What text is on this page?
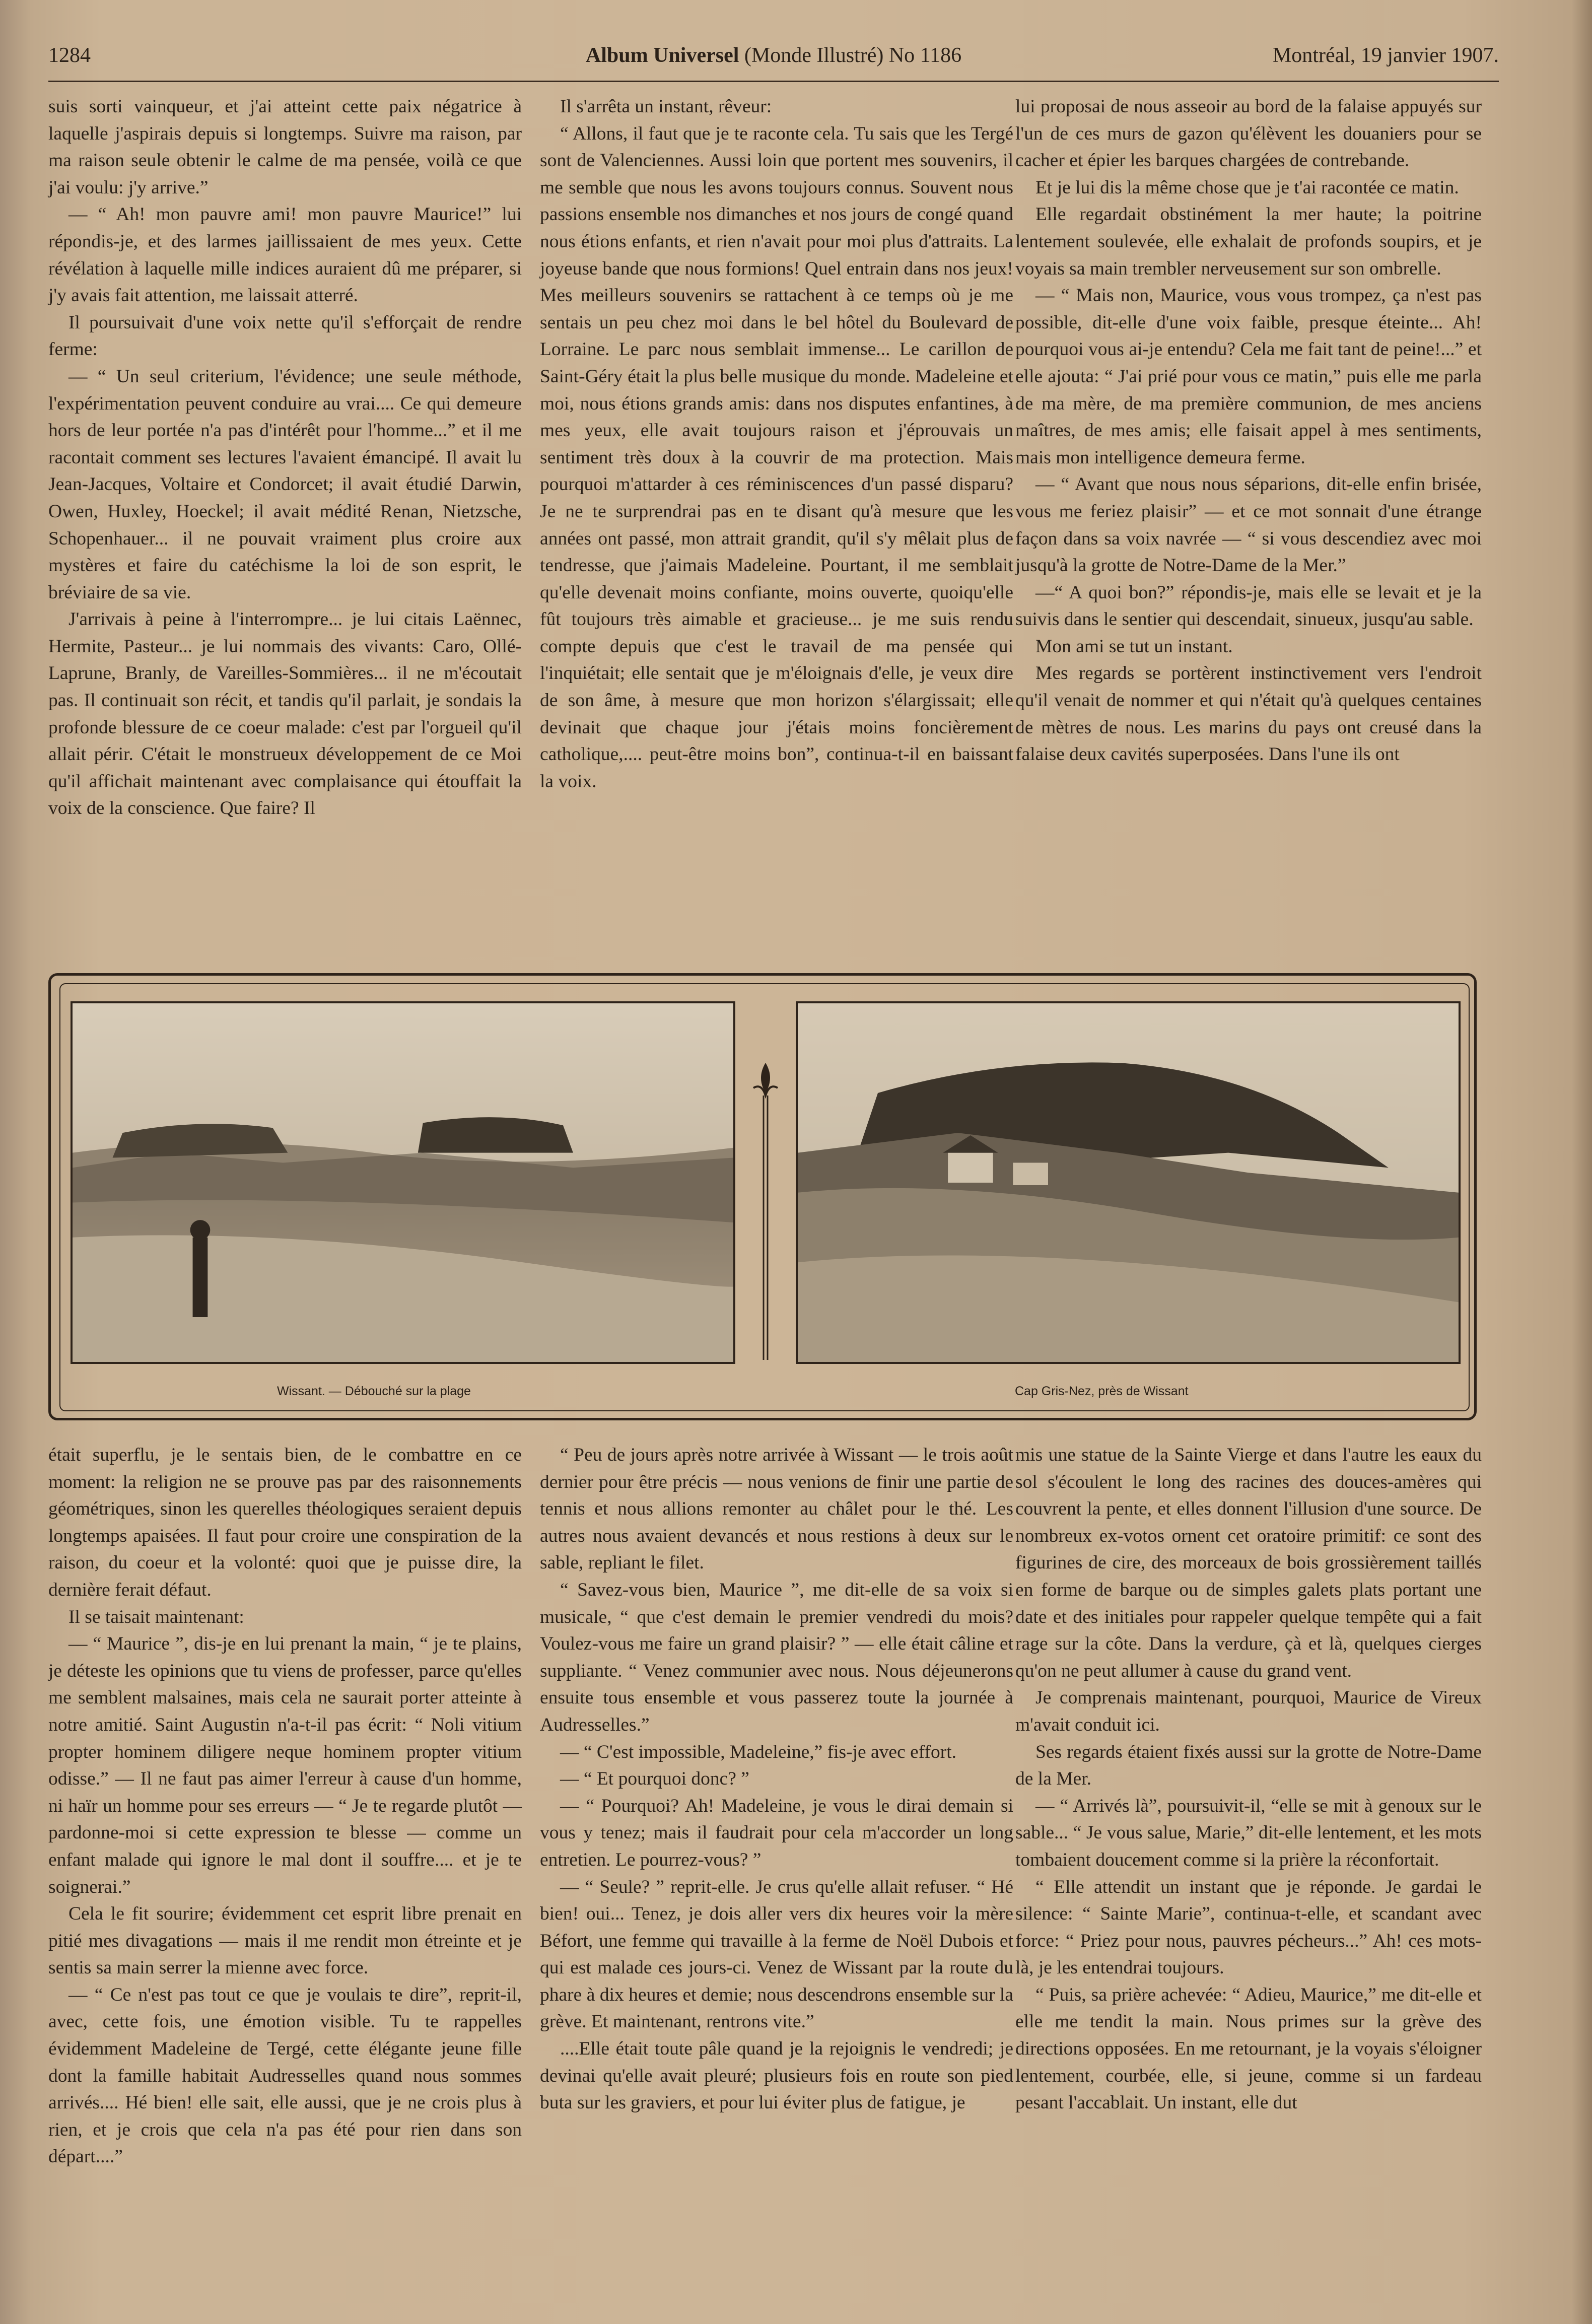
1284	Album Universel (Monde Illustré) No 1186	Montréal, 19 janvier 1907.

suis sorti vainqueur, et j'ai atteint cette paix négatrice à laquelle j'aspirais depuis si longtemps. Suivre ma raison, par ma raison seule obtenir le calme de ma pensée, voilà ce que j'ai voulu: j'y arrive.”

— “ Ah! mon pauvre ami! mon pauvre Maurice!” lui répondis-je, et des larmes jaillissaient de mes yeux. Cette révélation à laquelle mille indices auraient dû me préparer, si j'y avais fait attention, me laissait atterré.

Il poursuivait d'une voix nette qu'il s'efforçait de rendre ferme:

— “ Un seul criterium, l'évidence; une seule méthode, l'expérimentation peuvent conduire au vrai.... Ce qui demeure hors de leur portée n'a pas d'intérêt pour l'homme...” et il me racontait comment ses lectures l'avaient émancipé. Il avait lu Jean-Jacques, Voltaire et Condorcet; il avait étudié Darwin, Owen, Huxley, Hoeckel; il avait médité Renan, Nietzsche, Schopenhauer... il ne pouvait vraiment plus croire aux mystères et faire du catéchisme la loi de son esprit, le bréviaire de sa vie.

J'arrivais à peine à l'interrompre... je lui citais Laënnec, Hermite, Pasteur... je lui nommais des vivants: Caro, Ollé-Laprune, Branly, de Vareilles-Sommières... il ne m'écoutait pas. Il continuait son récit, et tandis qu'il parlait, je sondais la profonde blessure de ce coeur malade: c'est par l'orgueil qu'il allait périr. C'était le monstrueux développement de ce Moi qu'il affichait maintenant avec complaisance qui étouffait la voix de la conscience. Que faire? Il

Il s'arrêta un instant, rêveur:

“ Allons, il faut que je te raconte cela. Tu sais que les Tergé sont de Valenciennes. Aussi loin que portent mes souvenirs, il me semble que nous les avons toujours connus. Souvent nous passions ensemble nos dimanches et nos jours de congé quand nous étions enfants, et rien n'avait pour moi plus d'attraits. La joyeuse bande que nous formions! Quel entrain dans nos jeux! Mes meilleurs souvenirs se rattachent à ce temps où je me sentais un peu chez moi dans le bel hôtel du Boulevard de Lorraine. Le parc nous semblait immense... Le carillon de Saint-Géry était la plus belle musique du monde. Madeleine et moi, nous étions grands amis: dans nos disputes enfantines, à mes yeux, elle avait toujours raison et j'éprouvais un sentiment très doux à la couvrir de ma protection. Mais pourquoi m'attarder à ces réminiscences d'un passé disparu? Je ne te surprendrai pas en te disant qu'à mesure que les années ont passé, mon attrait grandit, qu'il s'y mêlait plus de tendresse, que j'aimais Madeleine. Pourtant, il me semblait qu'elle devenait moins confiante, moins ouverte, quoiqu'elle fût toujours très aimable et gracieuse... je me suis rendu compte depuis que c'est le travail de ma pensée qui l'inquiétait; elle sentait que je m'éloignais d'elle, je veux dire de son âme, à mesure que mon horizon s'élargissait; elle devinait que chaque jour j'étais moins foncièrement catholique,.... peut-être moins bon”, continua-t-il en baissant la voix.

lui proposai de nous asseoir au bord de la falaise appuyés sur l'un de ces murs de gazon qu'élèvent les douaniers pour se cacher et épier les barques chargées de contrebande.

Et je lui dis la même chose que je t'ai racontée ce matin.

Elle regardait obstinément la mer haute; la poitrine lentement soulevée, elle exhalait de profonds soupirs, et je voyais sa main trembler nerveusement sur son ombrelle.

— “ Mais non, Maurice, vous vous trompez, ça n'est pas possible, dit-elle d'une voix faible, presque éteinte... Ah! pourquoi vous ai-je entendu? Cela me fait tant de peine!...” et elle ajouta: “ J'ai prié pour vous ce matin,” puis elle me parla de ma mère, de ma première communion, de mes anciens maîtres, de mes amis; elle faisait appel à mes sentiments, mais mon intelligence demeura ferme.

— “ Avant que nous nous séparions, dit-elle enfin brisée, vous me feriez plaisir” — et ce mot sonnait d'une étrange façon dans sa voix navrée — “ si vous descendiez avec moi jusqu'à la grotte de Notre-Dame de la Mer.”

—“ A quoi bon?” répondis-je, mais elle se levait et je la suivis dans le sentier qui descendait, sinueux, jusqu'au sable.

Mon ami se tut un instant.

Mes regards se portèrent instinctivement vers l'endroit qu'il venait de nommer et qui n'était qu'à quelques centaines de mètres de nous. Les marins du pays ont creusé dans la falaise deux cavités superposées. Dans l'une ils ont

Wissant. — Débouché sur la plage	Cap Gris-Nez, près de Wissant

était superflu, je le sentais bien, de le combattre en ce moment: la religion ne se prouve pas par des raisonnements géométriques, sinon les querelles théologiques seraient depuis longtemps apaisées. Il faut pour croire une conspiration de la raison, du coeur et la volonté: quoi que je puisse dire, la dernière ferait défaut.

Il se taisait maintenant:

— “ Maurice ”, dis-je en lui prenant la main, “ je te plains, je déteste les opinions que tu viens de professer, parce qu'elles me semblent malsaines, mais cela ne saurait porter atteinte à notre amitié. Saint Augustin n'a-t-il pas écrit: “ Noli vitium propter hominem diligere neque hominem propter vitium odisse.” — Il ne faut pas aimer l'erreur à cause d'un homme, ni haïr un homme pour ses erreurs — “ Je te regarde plutôt — pardonne-moi si cette expression te blesse — comme un enfant malade qui ignore le mal dont il souffre.... et je te soignerai.”

Cela le fit sourire; évidemment cet esprit libre prenait en pitié mes divagations — mais il me rendit mon étreinte et je sentis sa main serrer la mienne avec force.

— “ Ce n'est pas tout ce que je voulais te dire”, reprit-il, avec, cette fois, une émotion visible. Tu te rappelles évidemment Madeleine de Tergé, cette élégante jeune fille dont la famille habitait Audresselles quand nous sommes arrivés.... Hé bien! elle sait, elle aussi, que je ne crois plus à rien, et je crois que cela n'a pas été pour rien dans son départ....”

“ Peu de jours après notre arrivée à Wissant — le trois août dernier pour être précis — nous venions de finir une partie de tennis et nous allions remonter au châlet pour le thé. Les autres nous avaient devancés et nous restions à deux sur le sable, repliant le filet.

“ Savez-vous bien, Maurice ”, me dit-elle de sa voix si musicale, “ que c'est demain le premier vendredi du mois? Voulez-vous me faire un grand plaisir? ” — elle était câline et suppliante. “ Venez communier avec nous. Nous déjeunerons ensuite tous ensemble et vous passerez toute la journée à Audresselles.”

— “ C'est impossible, Madeleine,” fis-je avec effort.

— “ Et pourquoi donc? ”

— “ Pourquoi? Ah! Madeleine, je vous le dirai demain si vous y tenez; mais il faudrait pour cela m'accorder un long entretien. Le pourrez-vous? ”

— “ Seule? ” reprit-elle. Je crus qu'elle allait refuser. “ Hé bien! oui... Tenez, je dois aller vers dix heures voir la mère Béfort, une femme qui travaille à la ferme de Noël Dubois et qui est malade ces jours-ci. Venez de Wissant par la route du phare à dix heures et demie; nous descendrons ensemble sur la grève. Et maintenant, rentrons vite.”

....Elle était toute pâle quand je la rejoignis le vendredi; je devinai qu'elle avait pleuré; plusieurs fois en route son pied buta sur les graviers, et pour lui éviter plus de fatigue, je

mis une statue de la Sainte Vierge et dans l'autre les eaux du sol s'écoulent le long des racines des douces-amères qui couvrent la pente, et elles donnent l'illusion d'une source. De nombreux ex-votos ornent cet oratoire primitif: ce sont des figurines de cire, des morceaux de bois grossièrement taillés en forme de barque ou de simples galets plats portant une date et des initiales pour rappeler quelque tempête qui a fait rage sur la côte. Dans la verdure, çà et là, quelques cierges qu'on ne peut allumer à cause du grand vent.

Je comprenais maintenant, pourquoi, Maurice de Vireux m'avait conduit ici.

Ses regards étaient fixés aussi sur la grotte de Notre-Dame de la Mer.

— “ Arrivés là”, poursuivit-il, “elle se mit à genoux sur le sable... “ Je vous salue, Marie,” dit-elle lentement, et les mots tombaient doucement comme si la prière la réconfortait.

“ Elle attendit un instant que je réponde. Je gardai le silence: “ Sainte Marie”, continua-t-elle, et scandant avec force: “ Priez pour nous, pauvres pécheurs...” Ah! ces mots-là, je les entendrai toujours.

“ Puis, sa prière achevée: “ Adieu, Maurice,” me dit-elle et elle me tendit la main. Nous primes sur la grève des directions opposées. En me retournant, je la voyais s'éloigner lentement, courbée, elle, si jeune, comme si un fardeau pesant l'accablait. Un instant, elle dut
